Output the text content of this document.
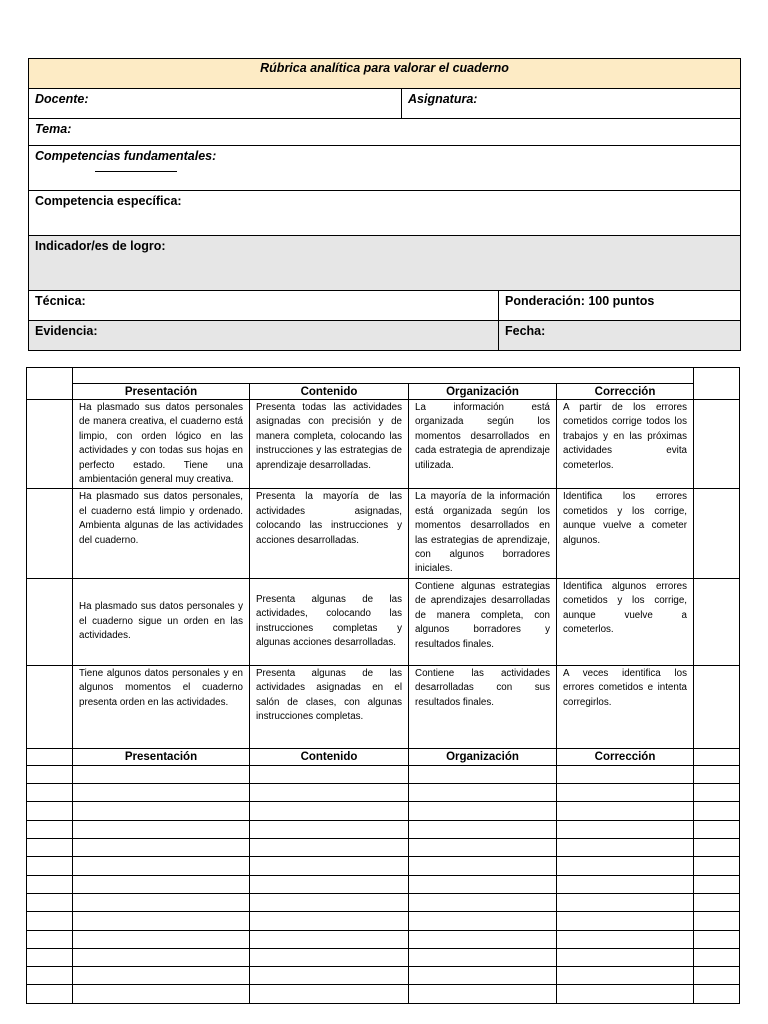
Rúbrica analítica para valorar el cuaderno		
Docente:	Asignatura:	
Tema:		
Competencias fundamentales:		

Competencia específica:		
Indicador/es de logro:		
Técnica:		Ponderación: 100 puntos
Evidencia:		Fecha:

	Presentación	Contenido	Organización	Corrección	
	Ha plasmado sus datos personales de manera creativa, el cuaderno está limpio, con orden lógico en las actividades y con todas sus hojas en perfecto estado. Tiene una ambientación general muy creativa.	Presenta todas las actividades asignadas con precisión y de manera completa, colocando las instrucciones y las estrategias de aprendizaje desarrolladas.	La información está organizada según los momentos desarrollados en cada estrategia de aprendizaje utilizada.	A partir de los errores cometidos corrige todos los trabajos y en las próximas actividades evita cometerlos.	
	Ha plasmado sus datos personales, el cuaderno está limpio y ordenado. Ambienta algunas de las actividades del cuaderno.	Presenta la mayoría de las actividades asignadas, colocando las instrucciones y acciones desarrolladas.	La mayoría de la información está organizada según los momentos desarrollados en las estrategias de aprendizaje, con algunos borradores iniciales.	Identifica los errores cometidos y los corrige, aunque vuelve a cometer algunos.	
	Ha plasmado sus datos personales y el cuaderno sigue un orden en las actividades.	Presenta algunas de las actividades, colocando las instrucciones completas y algunas acciones desarrolladas.	Contiene algunas estrategias de aprendizajes desarrolladas de manera completa, con algunos borradores y resultados finales.	Identifica algunos errores cometidos y los corrige, aunque vuelve a cometerlos.	
	Tiene algunos datos personales y en algunos momentos el cuaderno presenta orden en las actividades.	Presenta algunas de las actividades asignadas en el salón de clases, con algunas instrucciones completas.	Contiene las actividades desarrolladas con sus resultados finales.	A veces identifica los errores cometidos e intenta corregirlos.	
	Presentación	Contenido	Organización	Corrección	
